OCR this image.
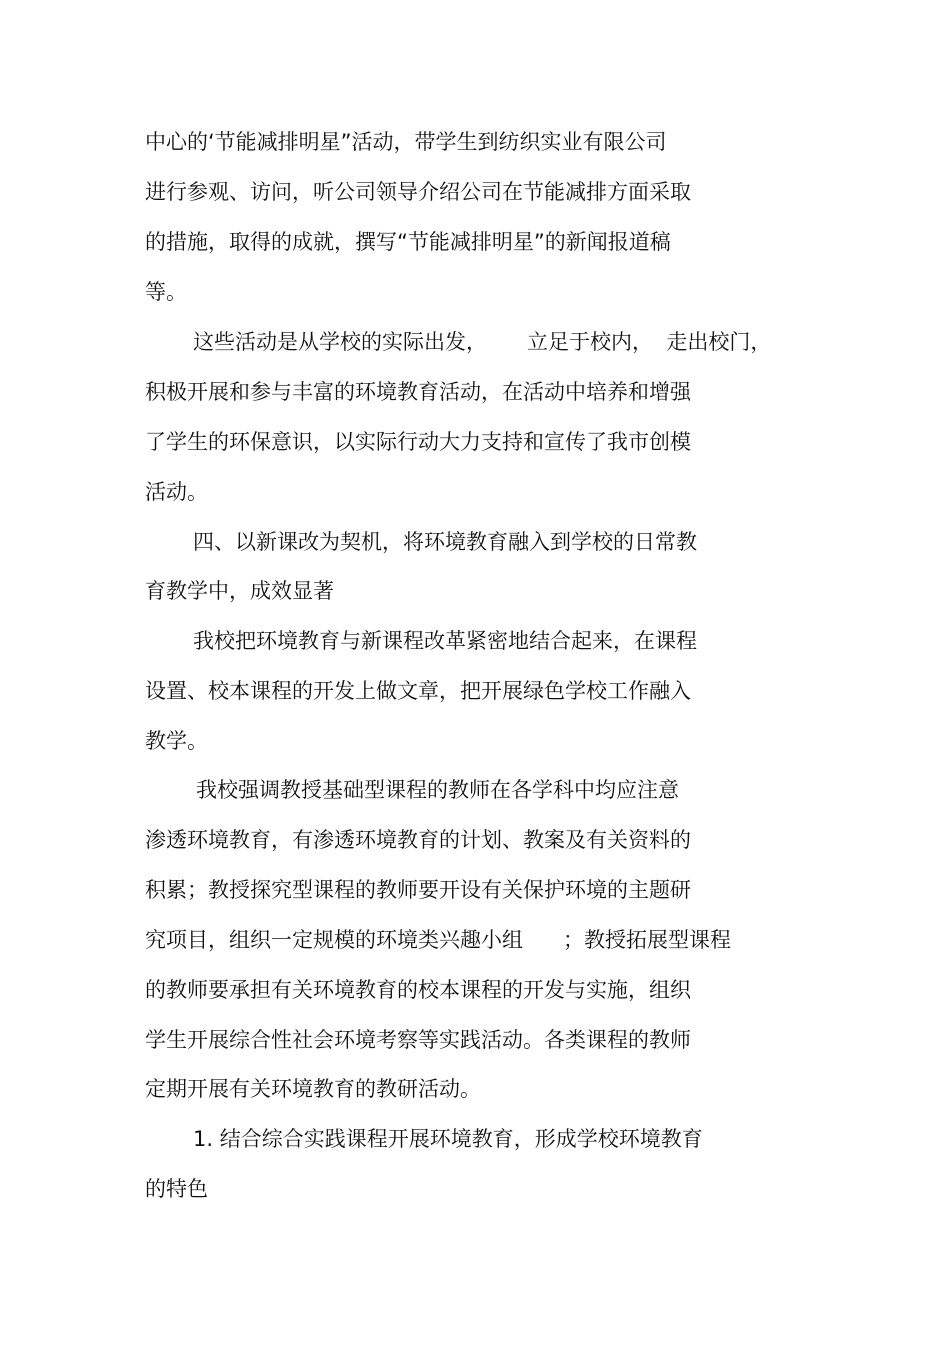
中心的‘节能减排明星”活动，带学生到纺织实业有限公司
进行参观、访问，听公司领导介绍公司在节能减排方面采取
的措施，取得的成就，撰写“节能减排明星”的新闻报道稿
等。
这些活动是从学校的实际出发，      立足于校内，  走出校门，
积极开展和参与丰富的环境教育活动，在活动中培养和增强
了学生的环保意识，以实际行动大力支持和宣传了我市创模
活动。
四、以新课改为契机，将环境教育融入到学校的日常教
育教学中，成效显著
我校把环境教育与新课程改革紧密地结合起来，在课程
设置、校本课程的开发上做文章，把开展绿色学校工作融入
教学。
我校强调教授基础型课程的教师在各学科中均应注意
渗透环境教育，有渗透环境教育的计划、教案及有关资料的
积累；教授探究型课程的教师要开设有关保护环境的主题研
究项目，组织一定规模的环境类兴趣小组      ；教授拓展型课程
的教师要承担有关环境教育的校本课程的开发与实施，组织
学生开展综合性社会环境考察等实践活动。各类课程的教师
定期开展有关环境教育的教研活动。
1. 结合综合实践课程开展环境教育，形成学校环境教育
的特色
